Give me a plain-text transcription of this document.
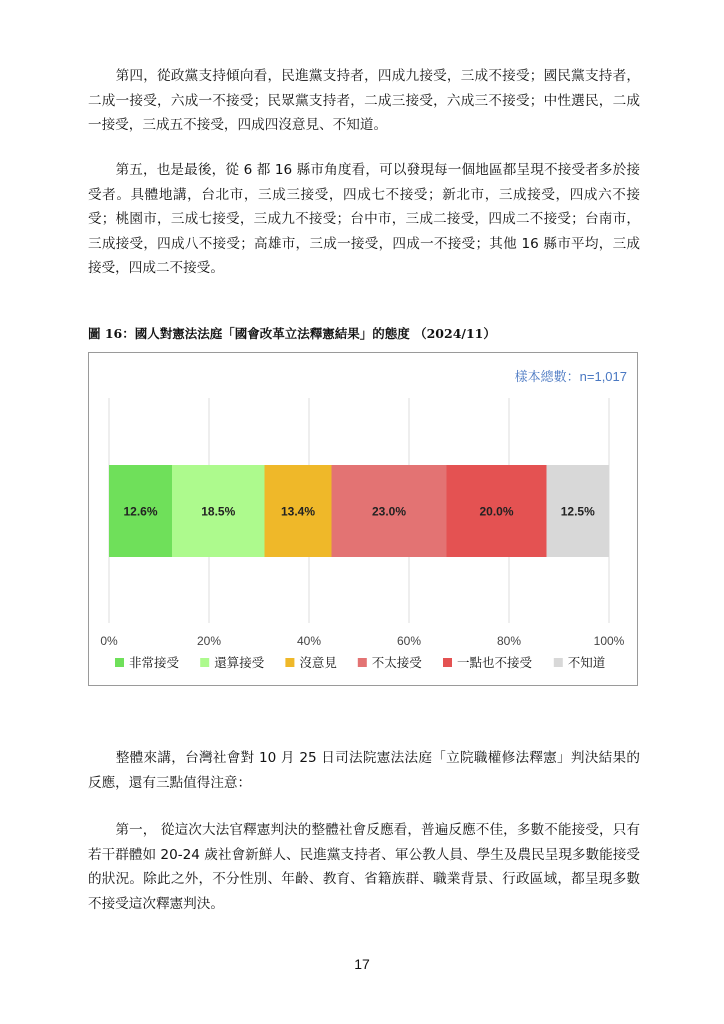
　　第四，從政黨支持傾向看，民進黨支持者，四成九接受，三成不接受；國民黨支持者，二成一接受，六成一不接受；民眾黨支持者，二成三接受，六成三不接受；中性選民，二成一接受，三成五不接受，四成四沒意見、不知道。

　　第五，也是最後，從 6 都 16 縣市角度看，可以發現每一個地區都呈現不接受者多於接受者。具體地講，台北市，三成三接受，四成七不接受；新北市，三成接受，四成六不接受；桃園市，三成七接受，三成九不接受；台中市，三成二接受，四成二不接受；台南市，三成接受，四成八不接受；高雄市，三成一接受，四成一不接受；其他 16 縣市平均，三成接受，四成二不接受。

圖 16：國人對憲法法庭「國會改革立法釋憲結果」的態度 （2024/11）

樣本總數：n=1,017
0%	20%	40%	60%	80%	100%
12.6%	18.5%	13.4%	23.0%	20.0%	12.5%
非常接受	還算接受	沒意見	不太接受	一點也不接受	不知道

　　整體來講，台灣社會對 10 月 25 日司法院憲法法庭「立院職權修法釋憲」判決結果的反應，還有三點值得注意：

　　第一， 從這次大法官釋憲判決的整體社會反應看，普遍反應不佳，多數不能接受，只有若干群體如 20-24 歲社會新鮮人、民進黨支持者、軍公教人員、學生及農民呈現多數能接受的狀況。除此之外，不分性別、年齡、教育、省籍族群、職業背景、行政區域，都呈現多數不接受這次釋憲判決。

17
